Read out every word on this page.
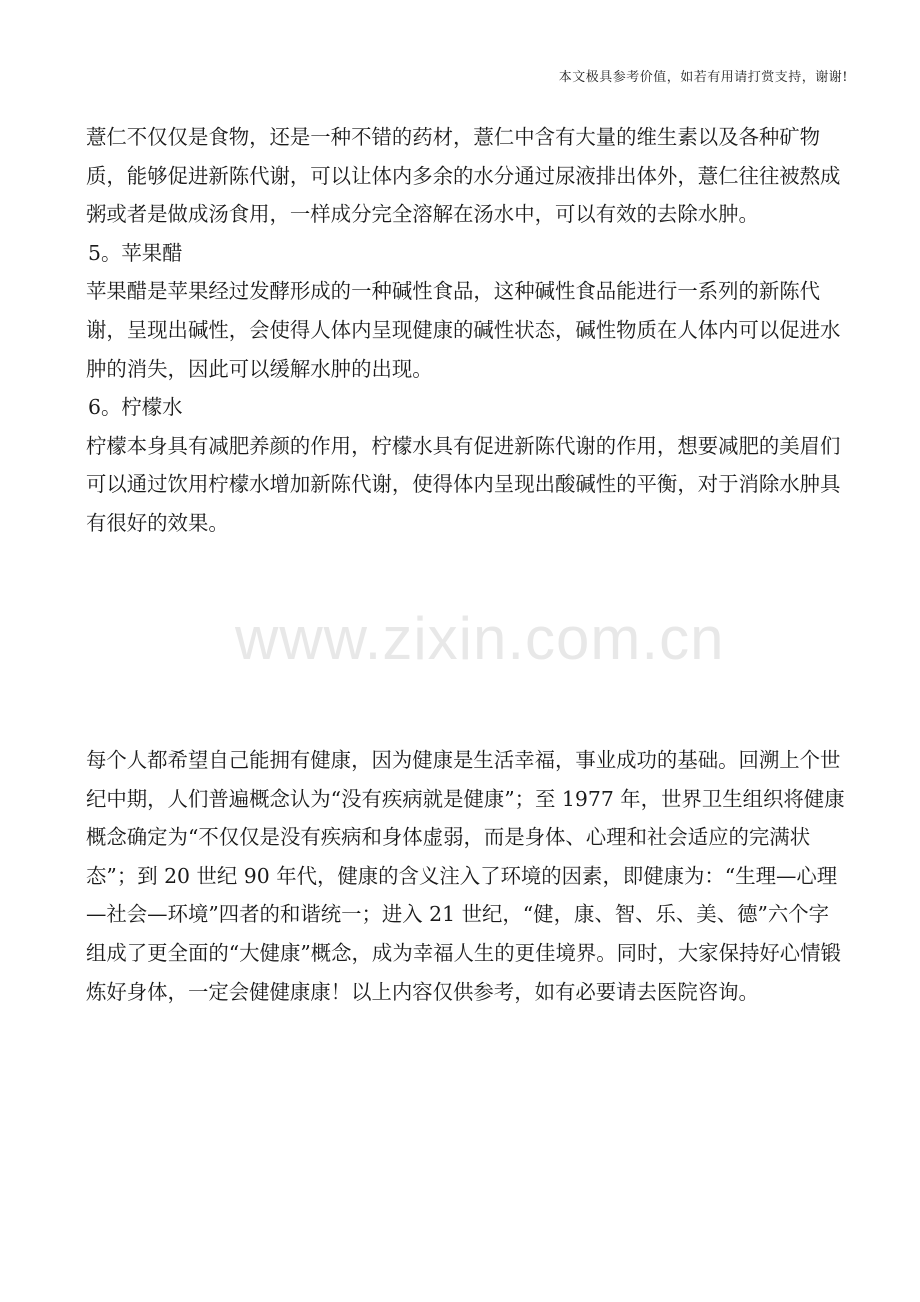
本文极具参考价值，如若有用请打赏支持，谢谢!

薏仁不仅仅是食物，还是一种不错的药材，薏仁中含有大量的维生素以及各种矿物质，能够促进新陈代谢，可以让体内多余的水分通过尿液排出体外，薏仁往往被熬成粥或者是做成汤食用，一样成分完全溶解在汤水中，可以有效的去除水肿。

5。苹果醋

苹果醋是苹果经过发酵形成的一种碱性食品，这种碱性食品能进行一系列的新陈代谢，呈现出碱性，会使得人体内呈现健康的碱性状态，碱性物质在人体内可以促进水肿的消失，因此可以缓解水肿的出现。

6。柠檬水

柠檬本身具有减肥养颜的作用，柠檬水具有促进新陈代谢的作用，想要减肥的美眉们可以通过饮用柠檬水增加新陈代谢，使得体内呈现出酸碱性的平衡，对于消除水肿具有很好的效果。

www.zixin.com.cn

每个人都希望自己能拥有健康，因为健康是生活幸福，事业成功的基础。回溯上个世纪中期，人们普遍概念认为“没有疾病就是健康”；至 1977 年，世界卫生组织将健康概念确定为“不仅仅是没有疾病和身体虚弱，而是身体、心理和社会适应的完满状态”；到 20 世纪 90 年代，健康的含义注入了环境的因素，即健康为：“生理—心理—社会—环境”四者的和谐统一；进入 21 世纪，“健，康、智、乐、美、德”六个字组成了更全面的“大健康”概念，成为幸福人生的更佳境界。同时，大家保持好心情锻炼好身体，一定会健健康康！以上内容仅供参考，如有必要请去医院咨询。
